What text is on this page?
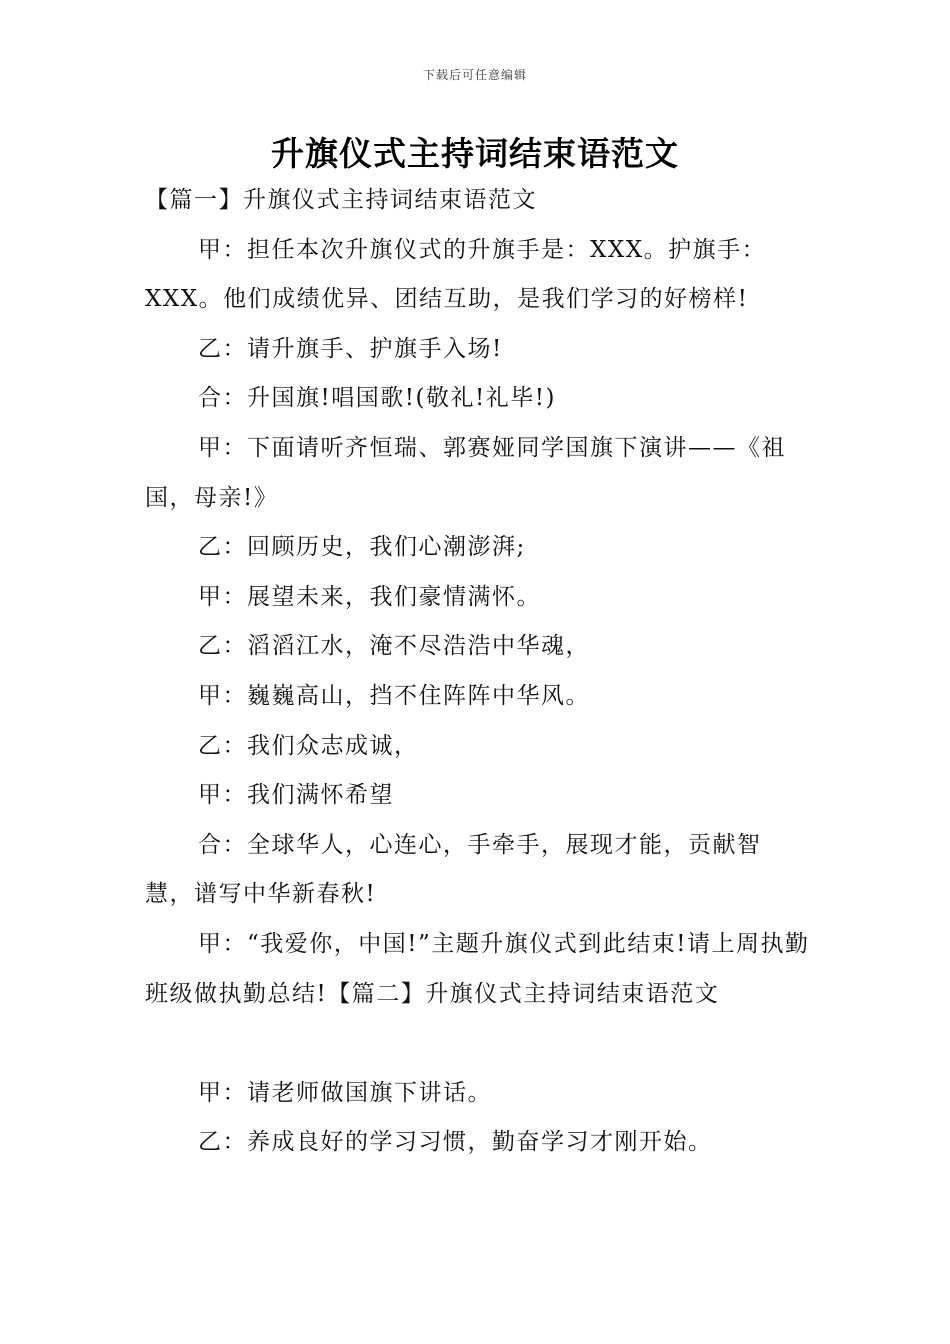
下载后可任意编辑
升旗仪式主持词结束语范文

【篇一】升旗仪式主持词结束语范文

甲：担任本次升旗仪式的升旗手是：XXX。护旗手：XXX。他们成绩优异、团结互助，是我们学习的好榜样!

乙：请升旗手、护旗手入场!

合：升国旗!唱国歌!(敬礼!礼毕!)

甲：下面请听齐恒瑞、郭赛娅同学国旗下演讲——《祖国，母亲!》

乙：回顾历史，我们心潮澎湃;

甲：展望未来，我们豪情满怀。

乙：滔滔江水，淹不尽浩浩中华魂，

甲：巍巍高山，挡不住阵阵中华风。

乙：我们众志成诚，

甲：我们满怀希望

合：全球华人，心连心，手牵手，展现才能，贡献智慧，谱写中华新春秋!

甲：“我爱你，中国!”主题升旗仪式到此结束!请上周执勤班级做执勤总结!【篇二】升旗仪式主持词结束语范文

甲：请老师做国旗下讲话。

乙：养成良好的学习习惯，勤奋学习才刚开始。
